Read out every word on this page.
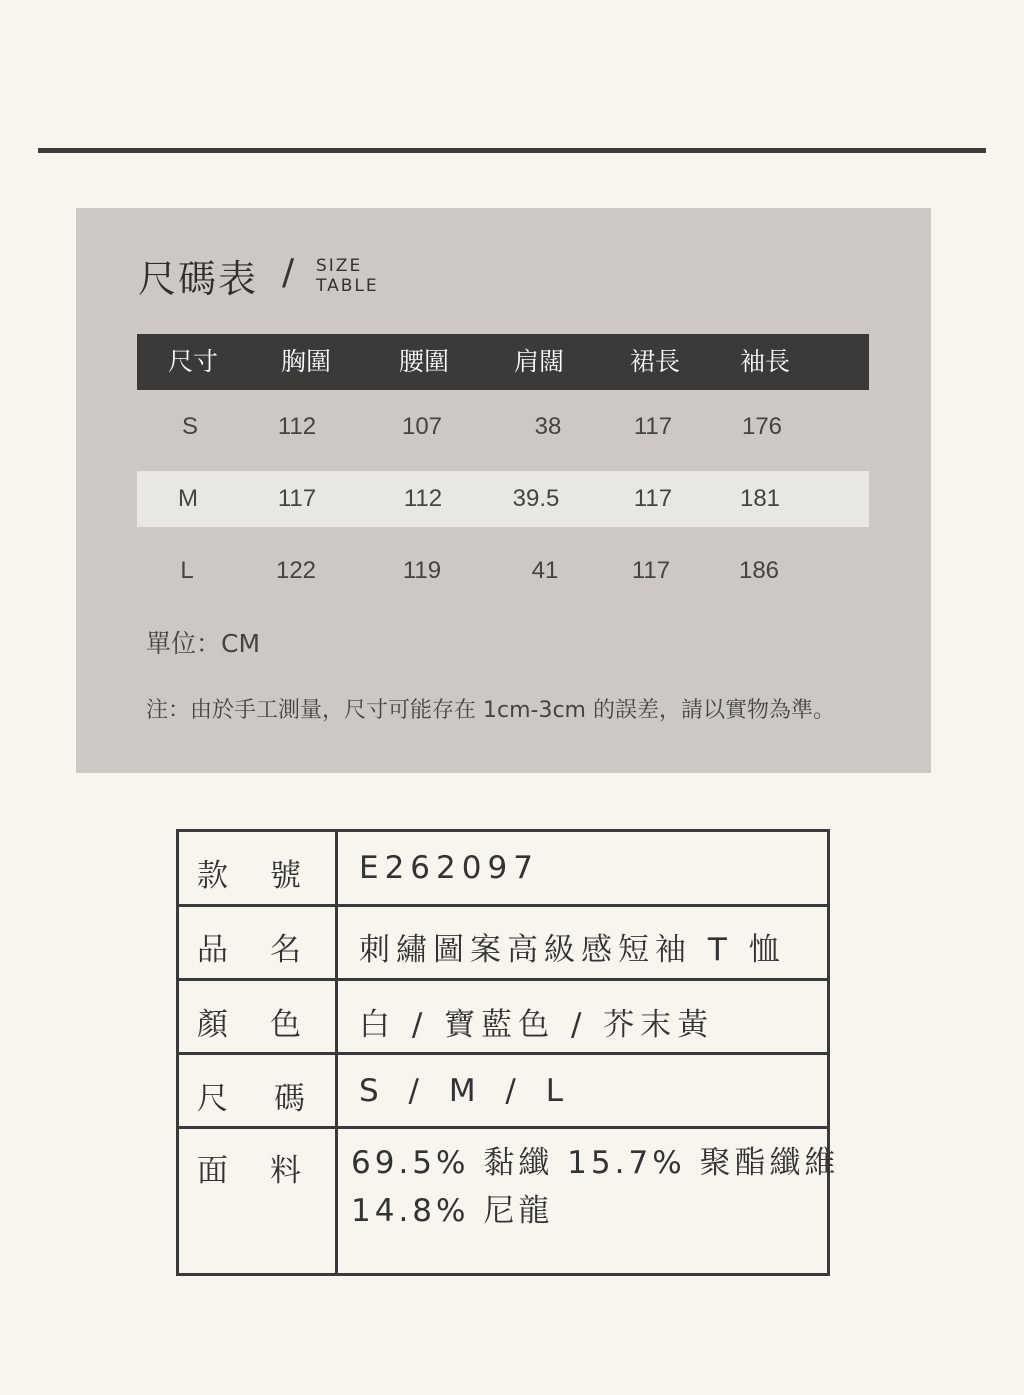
尺碼表 / SIZE
TABLE
尺寸	胸圍	腰圍	肩闊	裙長 袖長
S	112	107	38	117	176
M	117	112	39.5	117	181
L	122	119	41	117	186
單位：CM
注：由於手工測量，尺寸可能存在 1cm-3cm 的誤差，請以實物為準。
款號 E262097
品名 刺繡圖案高級感短袖 T 恤
顏色 白 / 寶藍色 / 芥末黃
尺碼 S / M / L
面料 69.5% 黏纖 15.7% 聚酯纖維
14.8% 尼龍
